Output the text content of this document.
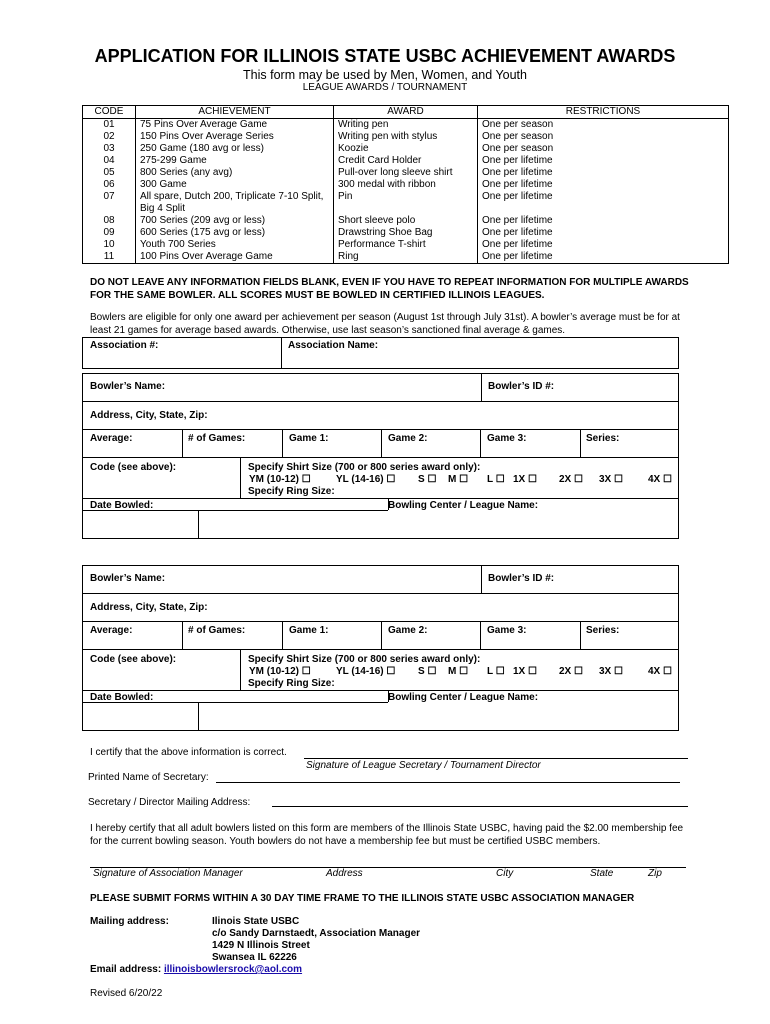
APPLICATION FOR ILLINOIS STATE USBC ACHIEVEMENT AWARDS
This form may be used by Men, Women, and Youth
LEAGUE AWARDS / TOURNAMENT
CODE	ACHIEVEMENT	AWARD	RESTRICTIONS
01	75 Pins Over Average Game	Writing pen	One per season
02	150 Pins Over Average Series	Writing pen with stylus	One per season
03	250 Game (180 avg or less)	Koozie	One per season
04	275-299 Game	Credit Card Holder	One per lifetime
05	800 Series (any avg)	Pull-over long sleeve shirt	One per lifetime
06	300 Game	300 medal with ribbon	One per lifetime
07	All spare, Dutch 200, Triplicate 7-10 Split, Big 4 Split	Pin	One per lifetime
08	700 Series (209 avg or less)	Short sleeve polo	One per lifetime
09	600 Series (175 avg or less)	Drawstring Shoe Bag	One per lifetime
10	Youth 700 Series	Performance T-shirt	One per lifetime
11	100 Pins Over Average Game	Ring	One per lifetime
DO NOT LEAVE ANY INFORMATION FIELDS BLANK, EVEN IF YOU HAVE TO REPEAT INFORMATION FOR MULTIPLE AWARDS FOR THE SAME BOWLER. ALL SCORES MUST BE BOWLED IN CERTIFIED ILLINOIS LEAGUES.
Bowlers are eligible for only one award per achievement per season (August 1st through July 31st). A bowler’s average must be for at least 21 games for average based awards. Otherwise, use last season’s sanctioned final average & games.
Association #:	Association Name:
Bowler’s Name:	Bowler’s ID #:
Address, City, State, Zip:
Average:	# of Games:	Game 1:	Game 2:	Game 3:	Series:
Code (see above):	Specify Shirt Size (700 or 800 series award only):
YM (10-12) ☐	YL (14-16) ☐ S ☐ M ☐ L ☐ 1X ☐ 2X ☐ 3X ☐	4X ☐
Specify Ring Size:
Date Bowled:	Bowling Center / League Name:
Bowler’s Name:	Bowler’s ID #:
Address, City, State, Zip:
Average:	# of Games:	Game 1:	Game 2:	Game 3:	Series:
Code (see above):	Specify Shirt Size (700 or 800 series award only):
YM (10-12) ☐	YL (14-16) ☐ S ☐ M ☐ L ☐ 1X ☐ 2X ☐ 3X ☐	4X ☐
Specify Ring Size:
Date Bowled:	Bowling Center / League Name:
I certify that the above information is correct.
Signature of League Secretary / Tournament Director
Printed Name of Secretary:
Secretary / Director Mailing Address:
I hereby certify that all adult bowlers listed on this form are members of the Illinois State USBC, having paid the $2.00 membership fee for the current bowling season. Youth bowlers do not have a membership fee but must be certified USBC members.
Signature of Association Manager	Address	City	State	Zip
PLEASE SUBMIT FORMS WITHIN A 30 DAY TIME FRAME TO THE ILLINOIS STATE USBC ASSOCIATION MANAGER
Mailing address:	Ilinois State USBC
c/o Sandy Darnstaedt, Association Manager
1429 N Illinois Street
Swansea IL 62226
Email address: illinoisbowlersrock@aol.com
Revised 6/20/22
